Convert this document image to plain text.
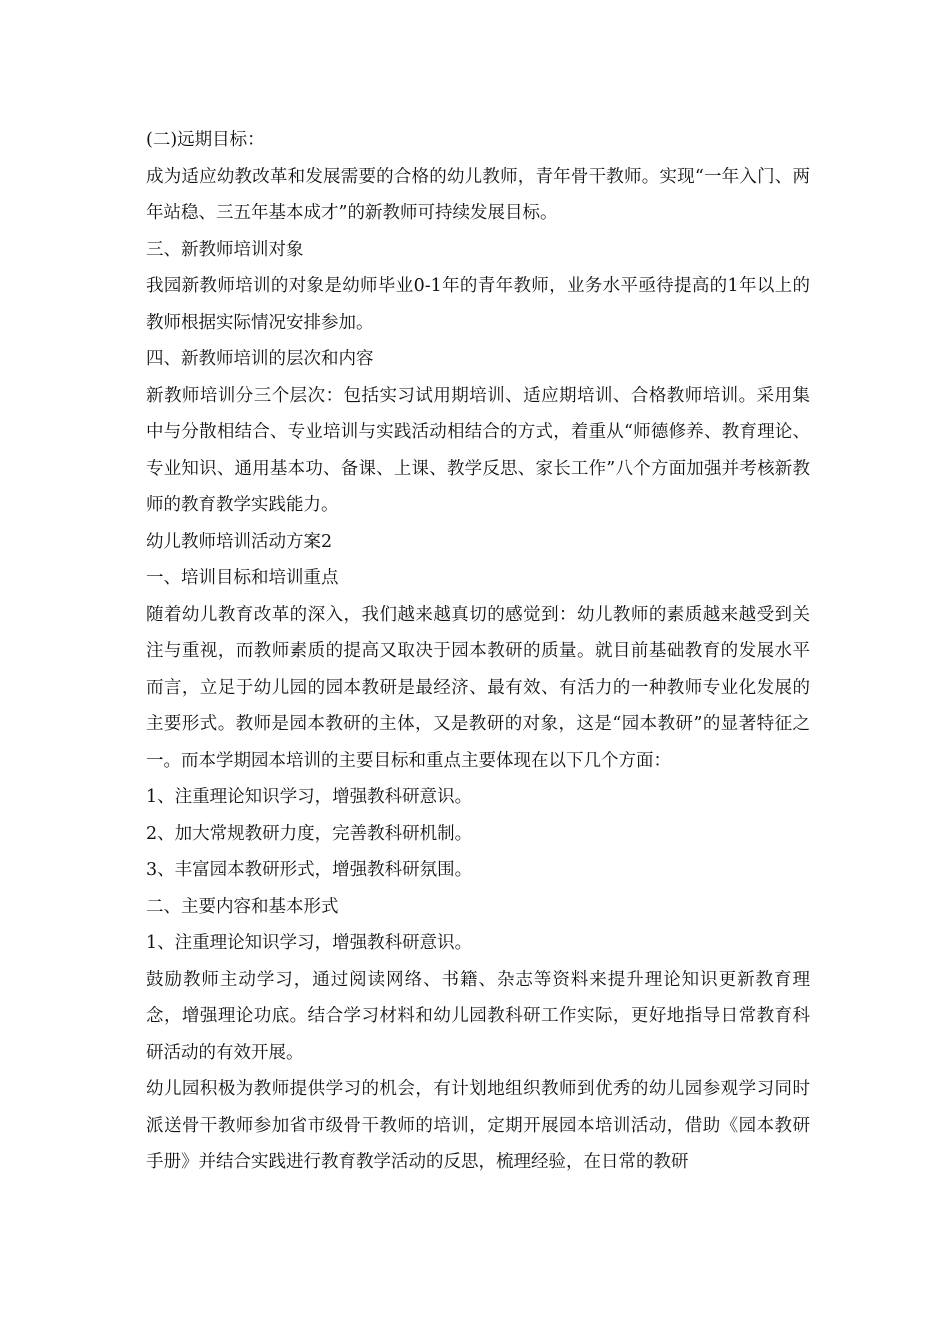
(二)远期目标：

成为适应幼教改革和发展需要的合格的幼儿教师，青年骨干教师。实现“一年入门、两年站稳、三五年基本成才”的新教师可持续发展目标。

三、新教师培训对象

我园新教师培训的对象是幼师毕业0-1年的青年教师，业务水平亟待提高的1年以上的教师根据实际情况安排参加。

四、新教师培训的层次和内容

新教师培训分三个层次：包括实习试用期培训、适应期培训、合格教师培训。采用集中与分散相结合、专业培训与实践活动相结合的方式，着重从“师德修养、教育理论、专业知识、通用基本功、备课、上课、教学反思、家长工作”八个方面加强并考核新教师的教育教学实践能力。

幼儿教师培训活动方案2

一、培训目标和培训重点

随着幼儿教育改革的深入，我们越来越真切的感觉到：幼儿教师的素质越来越受到关注与重视，而教师素质的提高又取决于园本教研的质量。就目前基础教育的发展水平而言，立足于幼儿园的园本教研是最经济、最有效、有活力的一种教师专业化发展的主要形式。教师是园本教研的主体，又是教研的对象，这是“园本教研”的显著特征之一。而本学期园本培训的主要目标和重点主要体现在以下几个方面：

1、注重理论知识学习，增强教科研意识。

2、加大常规教研力度，完善教科研机制。

3、丰富园本教研形式，增强教科研氛围。

二、主要内容和基本形式

1、注重理论知识学习，增强教科研意识。

鼓励教师主动学习，通过阅读网络、书籍、杂志等资料来提升理论知识更新教育理念，增强理论功底。结合学习材料和幼儿园教科研工作实际，更好地指导日常教育科研活动的有效开展。

幼儿园积极为教师提供学习的机会，有计划地组织教师到优秀的幼儿园参观学习同时派送骨干教师参加省市级骨干教师的培训，定期开展园本培训活动，借助《园本教研手册》并结合实践进行教育教学活动的反思，梳理经验，在日常的教研
